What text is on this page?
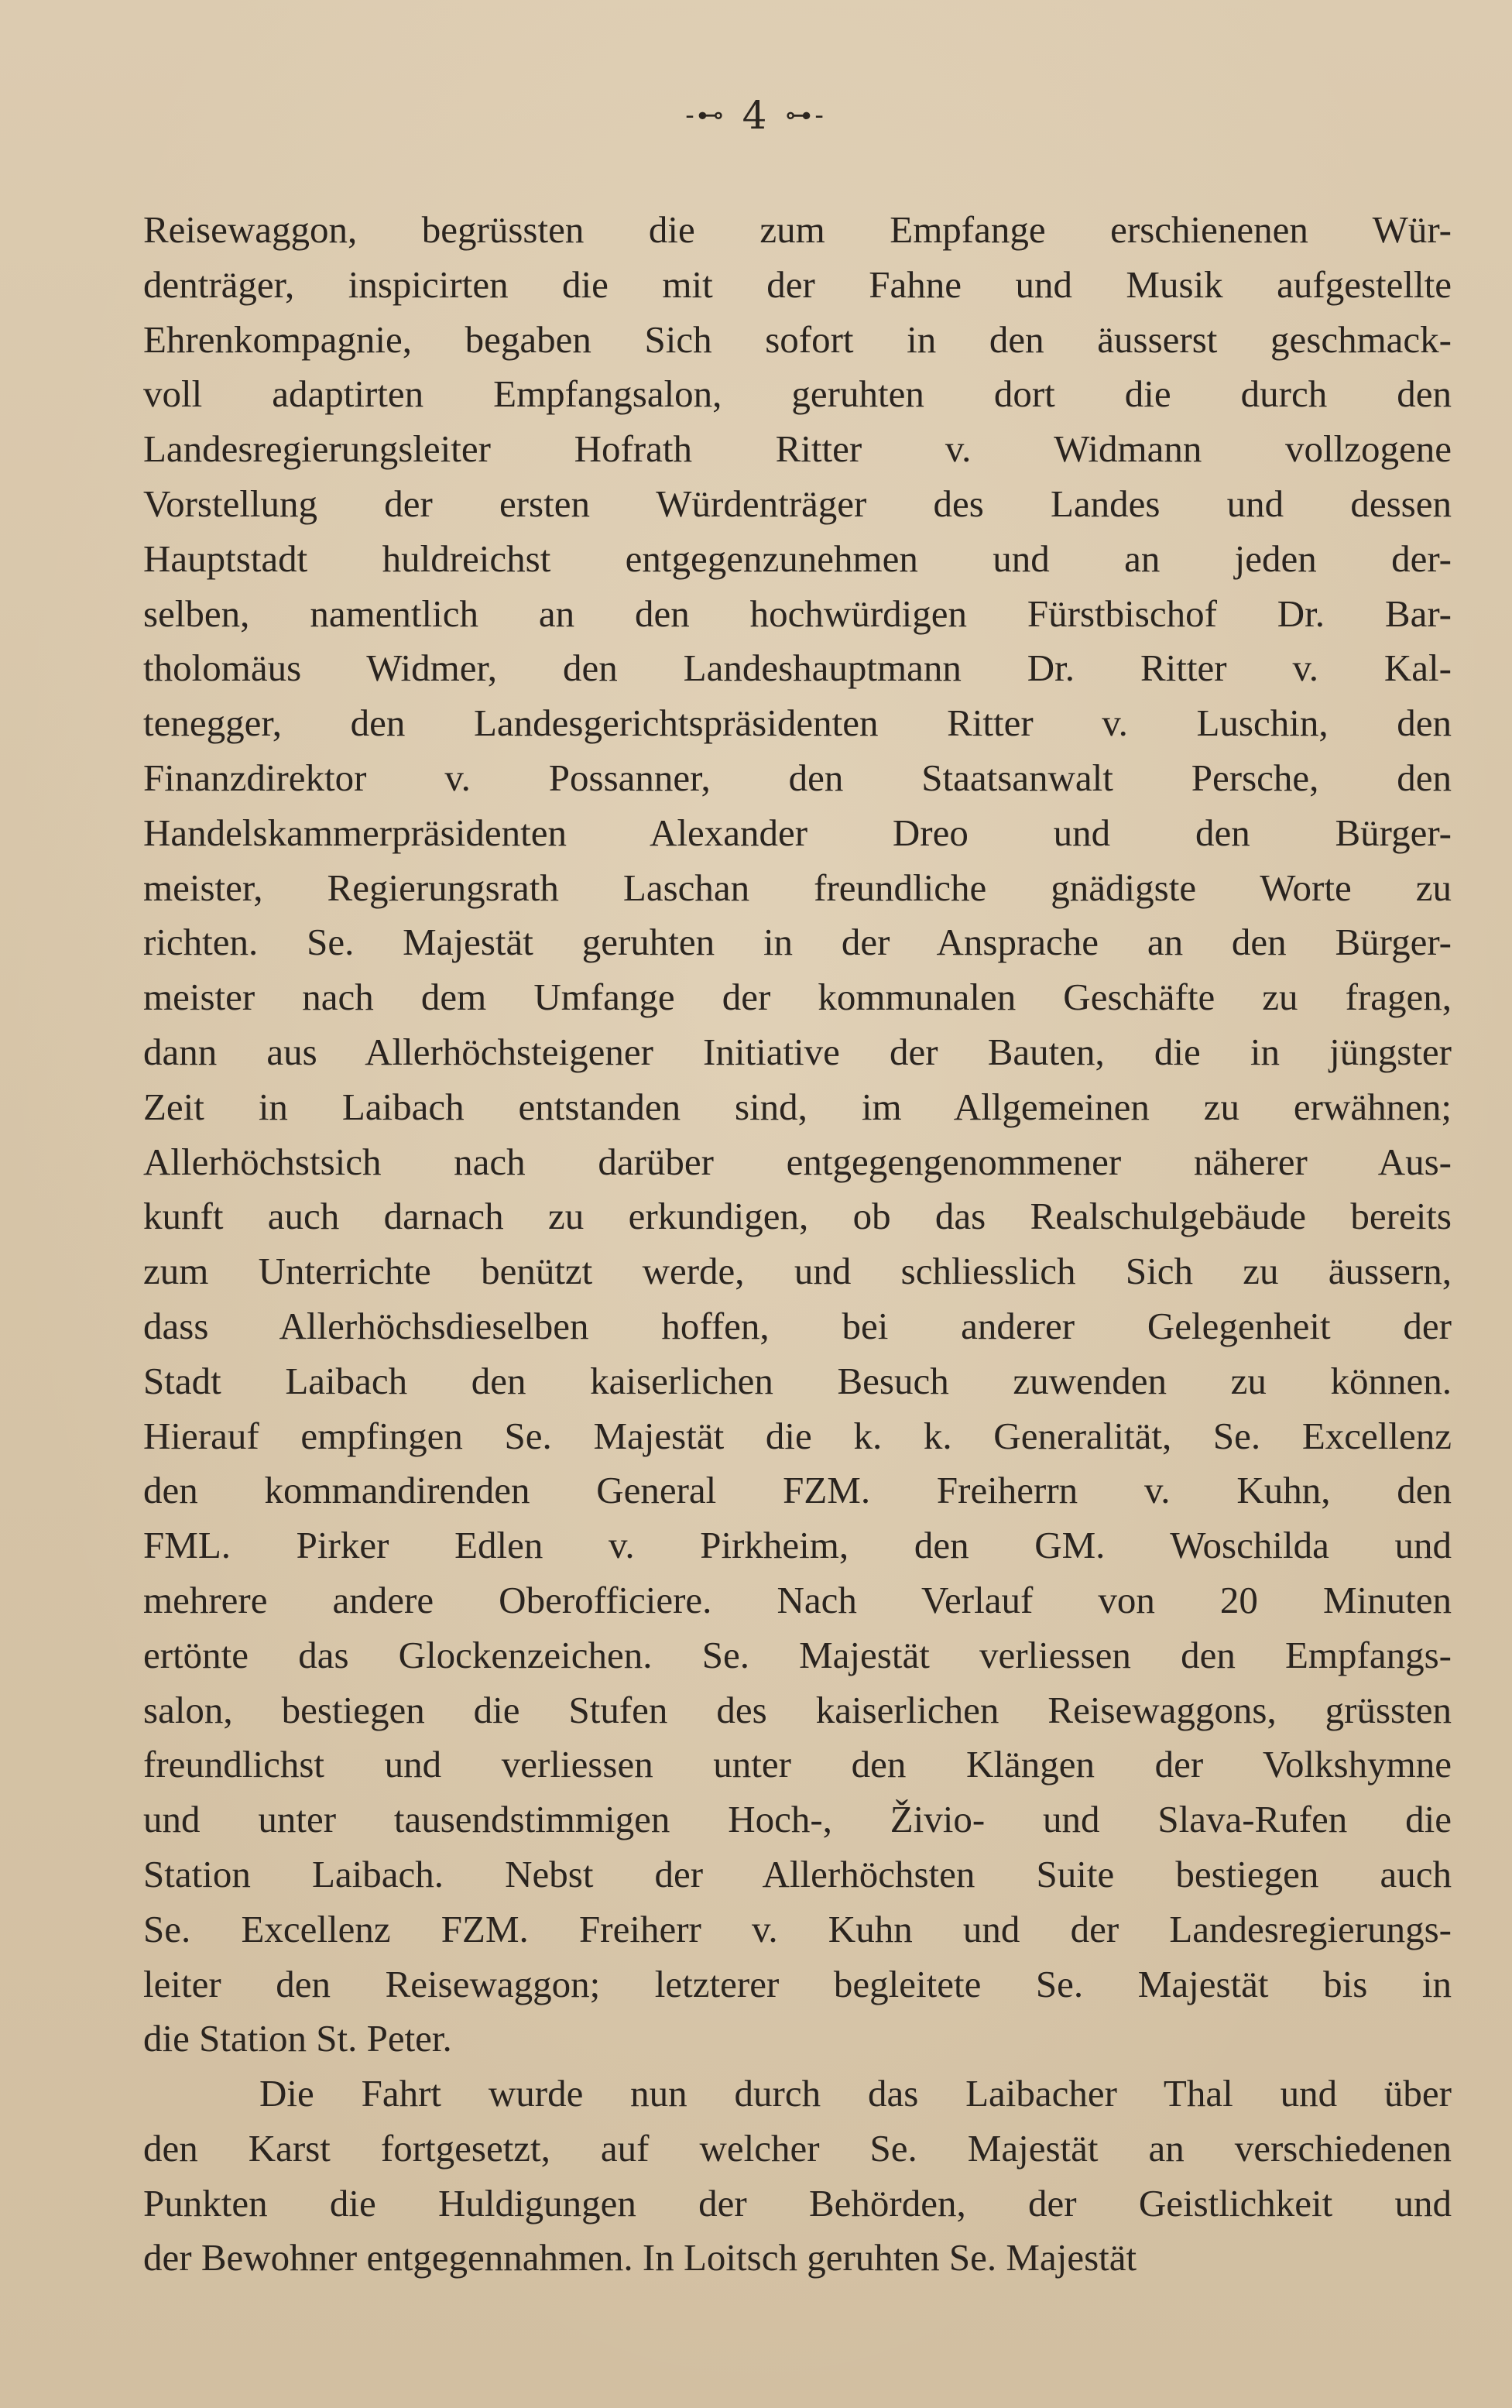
-⊷ 4 ⊶-
Reisewaggon, begrüssten die zum Empfange erschienenen Wür-
denträger, inspicirten die mit der Fahne und Musik aufgestellte
Ehrenkompagnie, begaben Sich sofort in den äusserst geschmack-
voll adaptirten Empfangsalon, geruhten dort die durch den
Landesregierungsleiter Hofrath Ritter v. Widmann vollzogene
Vorstellung der ersten Würdenträger des Landes und dessen
Hauptstadt huldreichst entgegenzunehmen und an jeden der-
selben, namentlich an den hochwürdigen Fürstbischof Dr. Bar-
tholomäus Widmer, den Landeshauptmann Dr. Ritter v. Kal-
tenegger, den Landesgerichtspräsidenten Ritter v. Luschin, den
Finanzdirektor v. Possanner, den Staatsanwalt Persche, den
Handelskammerpräsidenten Alexander Dreo und den Bürger-
meister, Regierungsrath Laschan freundliche gnädigste Worte zu
richten. Se. Majestät geruhten in der Ansprache an den Bürger-
meister nach dem Umfange der kommunalen Geschäfte zu fragen,
dann aus Allerhöchsteigener Initiative der Bauten, die in jüngster
Zeit in Laibach entstanden sind, im Allgemeinen zu erwähnen;
Allerhöchstsich nach darüber entgegengenommener näherer Aus-
kunft auch darnach zu erkundigen, ob das Realschulgebäude bereits
zum Unterrichte benützt werde, und schliesslich Sich zu äussern,
dass Allerhöchsdieselben hoffen, bei anderer Gelegenheit der
Stadt Laibach den kaiserlichen Besuch zuwenden zu können.
Hierauf empfingen Se. Majestät die k. k. Generalität, Se. Excellenz
den kommandirenden General FZM. Freiherrn v. Kuhn, den
FML. Pirker Edlen v. Pirkheim, den GM. Woschilda und
mehrere andere Oberofficiere. Nach Verlauf von 20 Minuten
ertönte das Glockenzeichen. Se. Majestät verliessen den Empfangs-
salon, bestiegen die Stufen des kaiserlichen Reisewaggons, grüssten
freundlichst und verliessen unter den Klängen der Volkshymne
und unter tausendstimmigen Hoch-, Živio- und Slava-Rufen die
Station Laibach. Nebst der Allerhöchsten Suite bestiegen auch
Se. Excellenz FZM. Freiherr v. Kuhn und der Landesregierungs-
leiter den Reisewaggon; letzterer begleitete Se. Majestät bis in
die Station St. Peter.
Die Fahrt wurde nun durch das Laibacher Thal und über
den Karst fortgesetzt, auf welcher Se. Majestät an verschiedenen
Punkten die Huldigungen der Behörden, der Geistlichkeit und
der Bewohner entgegennahmen. In Loitsch geruhten Se. Majestät
